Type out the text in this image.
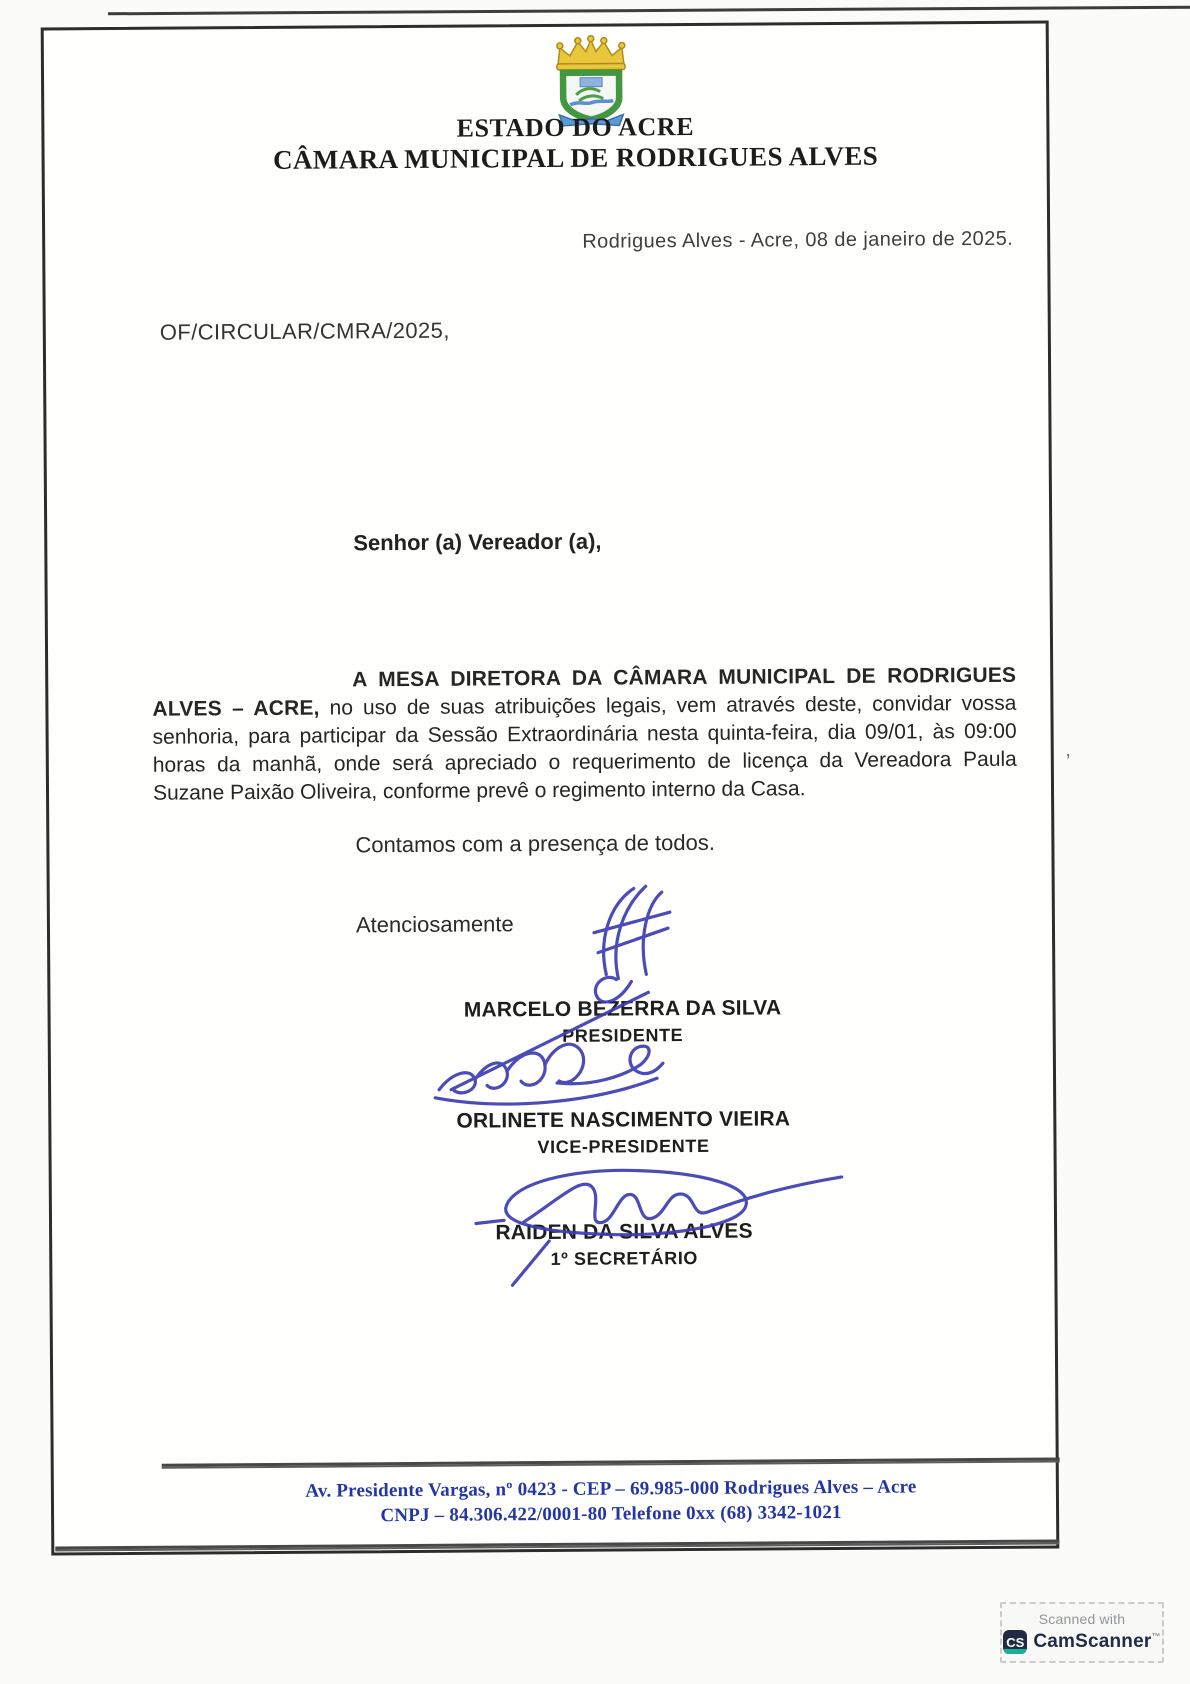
ESTADO DO ACRE
CÂMARA MUNICIPAL DE RODRIGUES ALVES
Rodrigues Alves - Acre, 08 de janeiro de 2025.
OF/CIRCULAR/CMRA/2025,
Senhor (a) Vereador (a),

A MESA DIRETORA DA CÂMARA MUNICIPAL DE RODRIGUES ALVES – ACRE, no uso de suas atribuições legais, vem através deste, convidar vossa senhoria, para participar da Sessão Extraordinária nesta quinta-feira, dia 09/01, às 09:00 horas da manhã, onde será apreciado o requerimento de licença da Vereadora Paula Suzane Paixão Oliveira, conforme prevê o regimento interno da Casa.

Contamos com a presença de todos.
Atenciosamente
MARCELO BEZERRA DA SILVA
PRESIDENTE
ORLINETE NASCIMENTO VIEIRA
VICE-PRESIDENTE
RAIDEN DA SILVA ALVES
1º SECRETÁRIO
Av. Presidente Vargas, nº 0423 - CEP – 69.985-000 Rodrigues Alves – Acre
CNPJ – 84.306.422/0001-80 Telefone 0xx (68) 3342-1021
ʼ
Scanned with
CS CamScanner™
